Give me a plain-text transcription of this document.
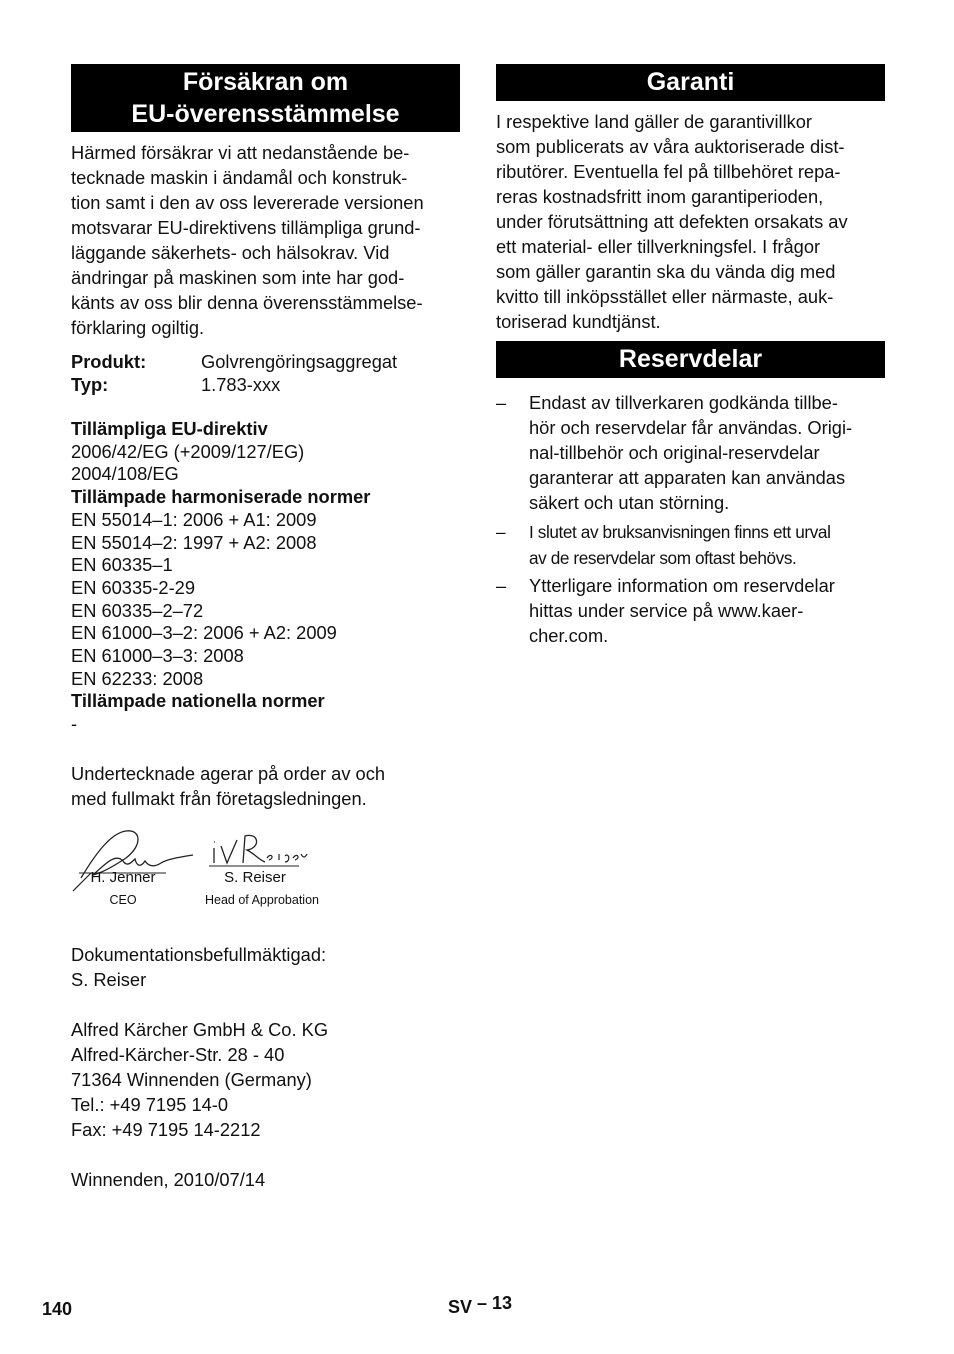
Försäkran om
EU-överensstämmelse
Härmed försäkrar vi att nedanstående be-
tecknade maskin i ändamål och konstruk-
tion samt i den av oss levererade versionen
motsvarar EU-direktivens tillämpliga grund-
läggande säkerhets- och hälsokrav. Vid
ändringar på maskinen som inte har god-
känts av oss blir denna överensstämmelse-
förklaring ogiltig.
Produkt:	Golvrengöringsaggregat
Typ:	1.783-xxx
Tillämpliga EU-direktiv
2006/42/EG (+2009/127/EG)
2004/108/EG
Tillämpade harmoniserade normer
EN 55014–1: 2006 + A1: 2009
EN 55014–2: 1997 + A2: 2008
EN 60335–1
EN 60335-2-29
EN 60335–2–72
EN 61000–3–2: 2006 + A2: 2009
EN 61000–3–3: 2008
EN 62233: 2008
Tillämpade nationella normer
-
Undertecknade agerar på order av och
med fullmakt från företagsledningen.
H. Jenner
CEO
S. Reiser
Head of Approbation
Dokumentationsbefullmäktigad:
S. Reiser
Alfred Kärcher GmbH & Co. KG
Alfred-Kärcher-Str. 28 - 40
71364 Winnenden (Germany)
Tel.: +49 7195 14-0
Fax: +49 7195 14-2212
Winnenden, 2010/07/14
Garanti
I respektive land gäller de garantivillkor
som publicerats av våra auktoriserade dist-
ributörer. Eventuella fel på tillbehöret repa-
reras kostnadsfritt inom garantiperioden,
under förutsättning att defekten orsakats av
ett material- eller tillverkningsfel. I frågor
som gäller garantin ska du vända dig med
kvitto till inköpsstället eller närmaste, auk-
toriserad kundtjänst.
Reservdelar
– Endast av tillverkaren godkända tillbe-
hör och reservdelar får användas. Origi-
nal-tillbehör och original-reservdelar
garanterar att apparaten kan användas
säkert och utan störning.
– I slutet av bruksanvisningen finns ett urval
av de reservdelar som oftast behövs.
– Ytterligare information om reservdelar
hittas under service på www.kaer-
cher.com.
140	SV – 13
